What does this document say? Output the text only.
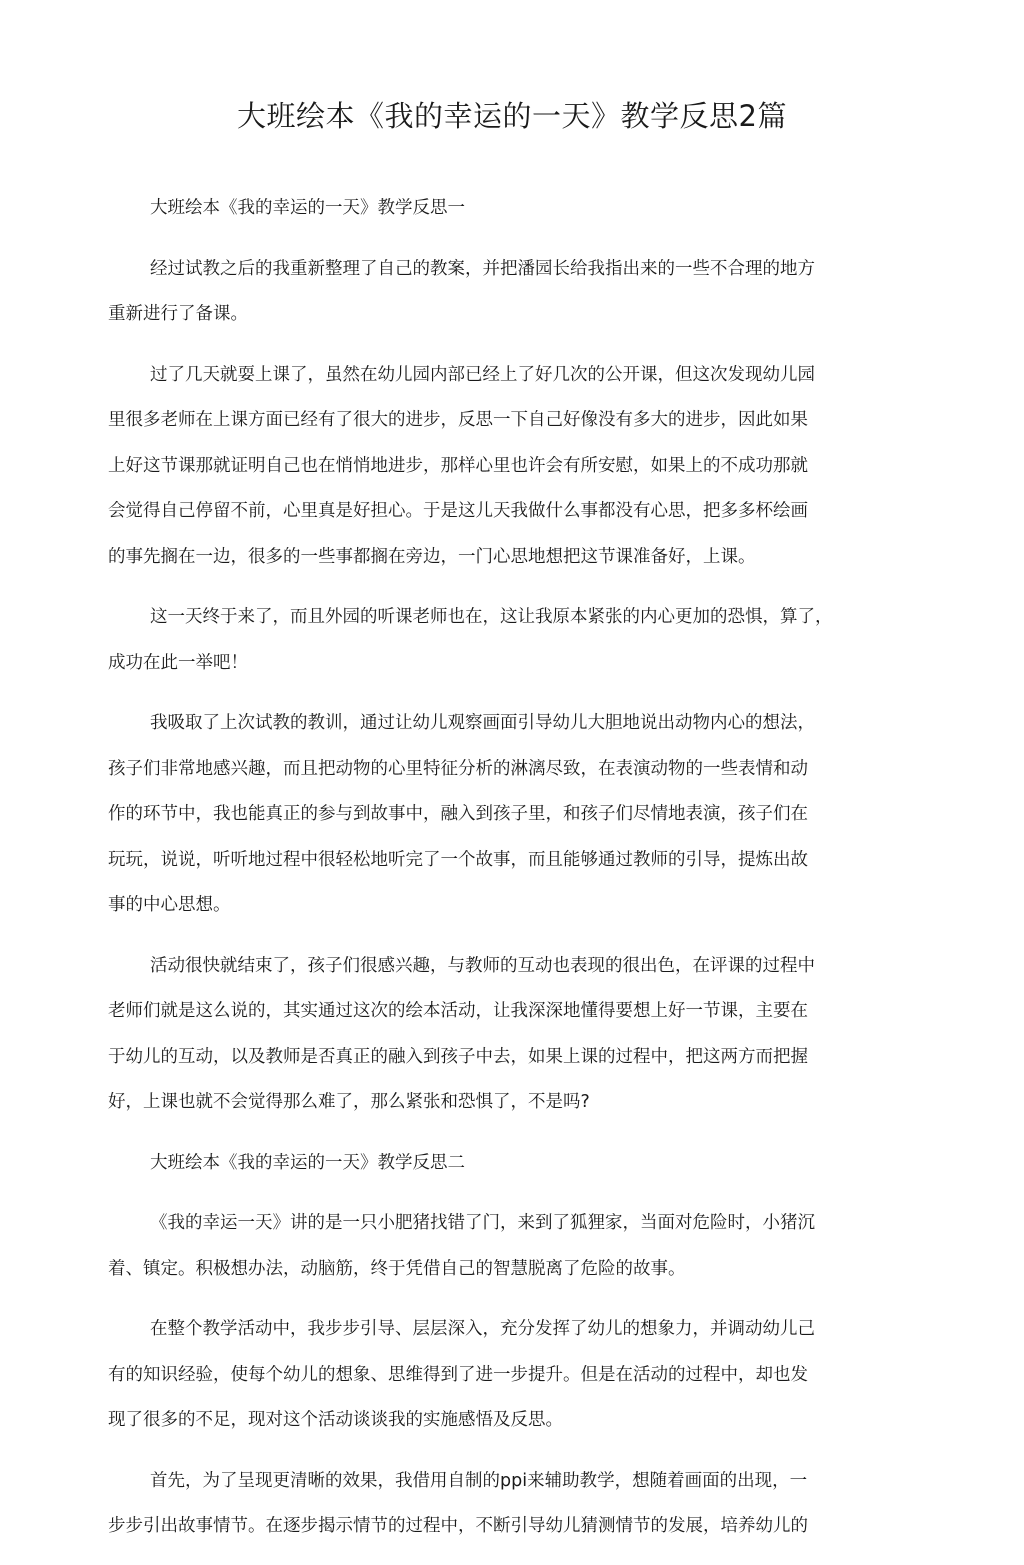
大班绘本《我的幸运的一天》教学反思2篇

大班绘本《我的幸运的一天》教学反思一

经过试教之后的我重新整理了自己的教案，并把潘园长给我指出来的一些不合理的地方

重新进行了备课。

过了几天就耍上课了，虽然在幼儿园内部已经上了好几次的公开课，但这次发现幼儿园

里很多老师在上课方面已经有了很大的进步，反思一下自己好像没有多大的进步，因此如果

上好这节课那就证明自己也在悄悄地进步，那样心里也许会有所安慰，如果上的不成功那就

会觉得自己停留不前，心里真是好担心。于是这儿天我做什么事都没有心思，把多多杯绘画

的事先搁在一边，很多的一些事都搁在旁边，一门心思地想把这节课准备好，上课。

这一天终于来了，而且外园的听课老师也在，这让我原本紧张的内心更加的恐惧，算了，

成功在此一举吧！

我吸取了上次试教的教训，通过让幼儿观察画面引导幼儿大胆地说出动物内心的想法，

孩子们非常地感兴趣，而且把动物的心里特征分析的淋漓尽致，在表演动物的一些表情和动

作的环节中，我也能真正的参与到故事中，融入到孩子里，和孩子们尽情地表演，孩子们在

玩玩，说说，听听地过程中很轻松地听完了一个故事，而且能够通过教师的引导，提炼出故

事的中心思想。

活动很快就结束了，孩子们很感兴趣，与教师的互动也表现的很出色，在评课的过程中

老师们就是这么说的，其实通过这次的绘本活动，让我深深地懂得要想上好一节课，主要在

于幼儿的互动，以及教师是否真正的融入到孩子中去，如果上课的过程中，把这两方而把握

好，上课也就不会觉得那么难了，那么紧张和恐惧了，不是吗?

大班绘本《我的幸运的一天》教学反思二

《我的幸运一天》讲的是一只小肥猪找错了门，来到了狐狸家，当面对危险时，小猪沉

着、镇定。积极想办法，动脑筋，终于凭借自己的智慧脱离了危险的故事。

在整个教学活动中，我步步引导、层层深入，充分发挥了幼儿的想象力，并调动幼儿己

有的知识经验，使每个幼儿的想象、思维得到了进一步提升。但是在活动的过程中，却也发

现了很多的不足，现对这个活动谈谈我的实施感悟及反思。

首先，为了呈现更清晰的效果，我借用自制的ppi来辅助教学，想随着画面的出现，一

步步引出故事情节。在逐步揭示情节的过程中，不断引导幼儿猜测情节的发展，培养幼儿的
